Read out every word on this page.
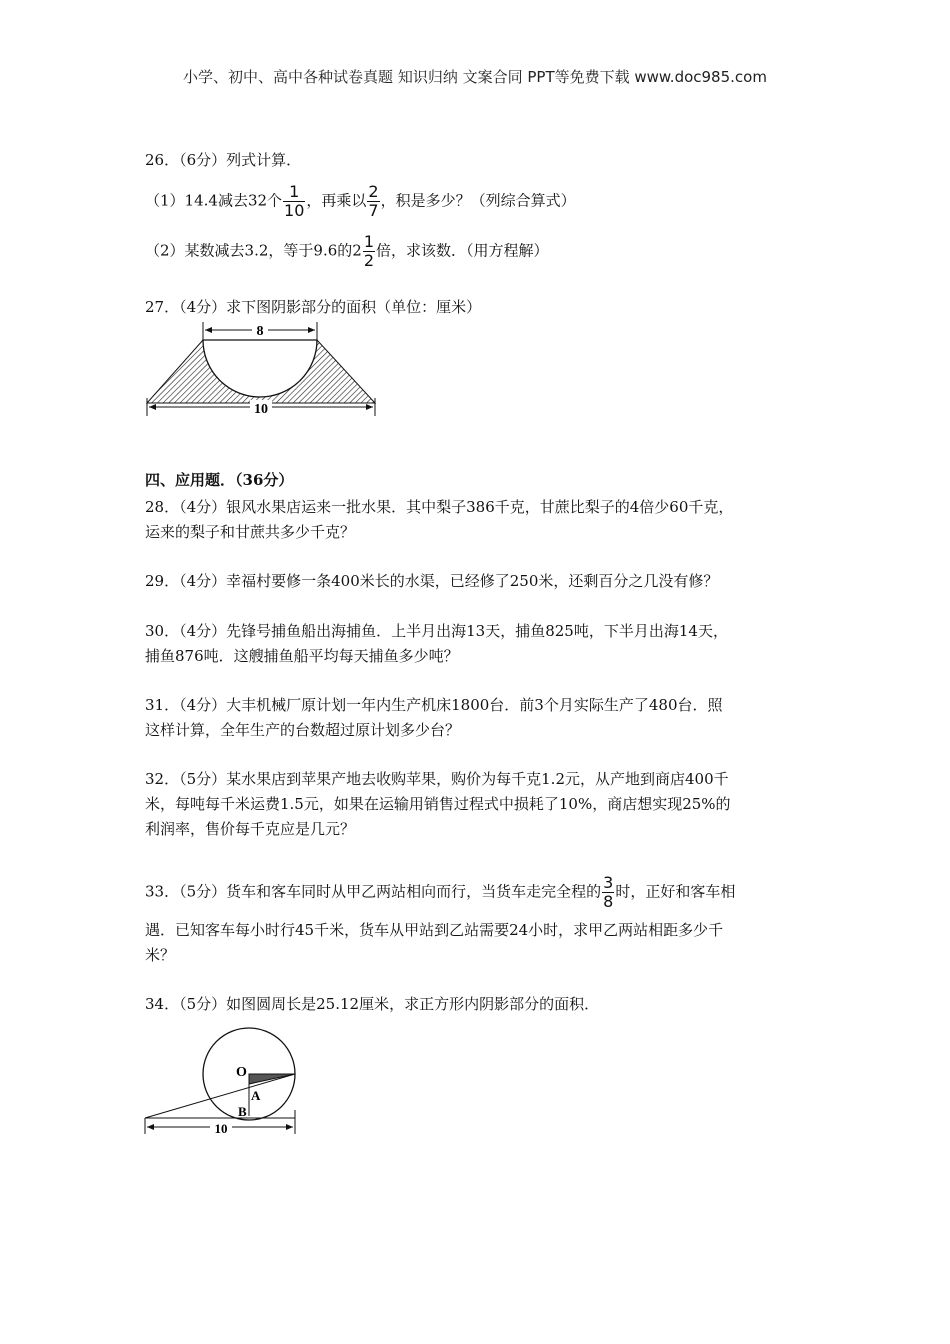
小学、初中、高中各种试卷真题 知识归纳 文案合同 PPT等免费下载 www.doc985.com
26．（6分）列式计算．
（1）14.4减去32个 $\frac{1}{10}$ ，再乘以 $\frac{2}{7}$ ，积是多少？（列综合算式）
（2）某数减去3.2，等于9.6的$2 \frac{1}{2}$ 倍，求该数．（用方程解）
27．（4分）求下图阴影部分的面积（单位：厘米）
8
10
四、应用题．（36分）
28．（4分）银风水果店运来一批水果．其中梨子386千克，甘蔗比梨子的4倍少60千克，
运来的梨子和甘蔗共多少千克？
29．（4分）幸福村要修一条400米长的水渠，已经修了250米，还剩百分之几没有修？
30．（4分）先锋号捕鱼船出海捕鱼．上半月出海13天，捕鱼825吨，下半月出海14天，
捕鱼876吨．这艘捕鱼船平均每天捕鱼多少吨？
31．（4分）大丰机械厂原计划一年内生产机床1800台．前3个月实际生产了480台．照
这样计算，全年生产的台数超过原计划多少台？
32．（5分）某水果店到苹果产地去收购苹果，购价为每千克1.2元，从产地到商店400千
米，每吨每千米运费1.5元，如果在运输用销售过程式中损耗了10%，商店想实现25%的
利润率，售价每千克应是几元？
33．（5分）货车和客车同时从甲乙两站相向而行，当货车走完全程的 $\frac{3}{8}$ 时，正好和客车相
遇．已知客车每小时行45千米，货车从甲站到乙站需要24小时，求甲乙两站相距多少千
米？
34．（5分）如图圆周长是25.12厘米，求正方形内阴影部分的面积．
O
A
B
10
